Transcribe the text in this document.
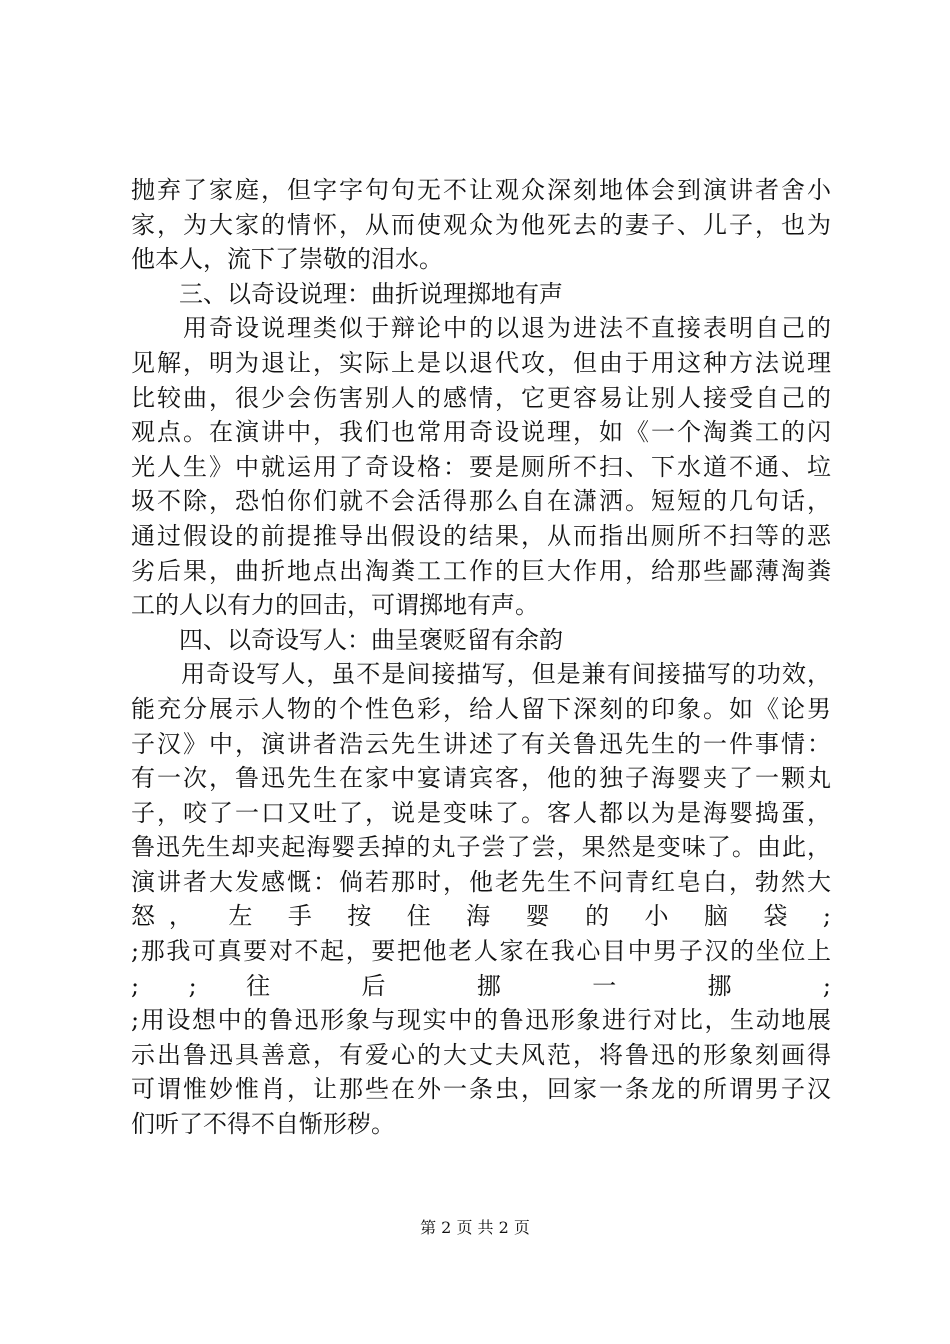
抛弃了家庭，但字字句句无不让观众深刻地体会到演讲者舍小
家，为大家的情怀，从而使观众为他死去的妻子、儿子，也为
他本人，流下了崇敬的泪水。
　　三、以奇设说理：曲折说理掷地有声
　　用奇设说理类似于辩论中的以退为进法不直接表明自己的
见解，明为退让，实际上是以退代攻，但由于用这种方法说理
比较曲，很少会伤害别人的感情，它更容易让别人接受自己的
观点。在演讲中，我们也常用奇设说理，如《一个淘粪工的闪
光人生》中就运用了奇设格：要是厕所不扫、下水道不通、垃
圾不除，恐怕你们就不会活得那么自在潇洒。短短的几句话，
通过假设的前提推导出假设的结果，从而指出厕所不扫等的恶
劣后果，曲折地点出淘粪工工作的巨大作用，给那些鄙薄淘粪
工的人以有力的回击，可谓掷地有声。
　　四、以奇设写人：曲呈褒贬留有余韵
　　用奇设写人，虽不是间接描写，但是兼有间接描写的功效，
能充分展示人物的个性色彩，给人留下深刻的印象。如《论男
子汉》中，演讲者浩云先生讲述了有关鲁迅先生的一件事情：
有一次，鲁迅先生在家中宴请宾客，他的独子海婴夹了一颗丸
子，咬了一口又吐了，说是变味了。客人都以为是海婴捣蛋，
鲁迅先生却夹起海婴丢掉的丸子尝了尝，果然是变味了。由此，
演讲者大发感慨：倘若那时，他老先生不问青红皂白，勃然大
怒， 左 手 按 住 海 婴 的 小 脑 袋 ;
;那我可真要对不起，要把他老人家在我心目中男子汉的坐位上
; ; 往 后 挪 一 挪 ;
;用设想中的鲁迅形象与现实中的鲁迅形象进行对比，生动地展
示出鲁迅具善意，有爱心的大丈夫风范，将鲁迅的形象刻画得
可谓惟妙惟肖，让那些在外一条虫，回家一条龙的所谓男子汉
们听了不得不自惭形秽。
第 2 页 共 2 页
